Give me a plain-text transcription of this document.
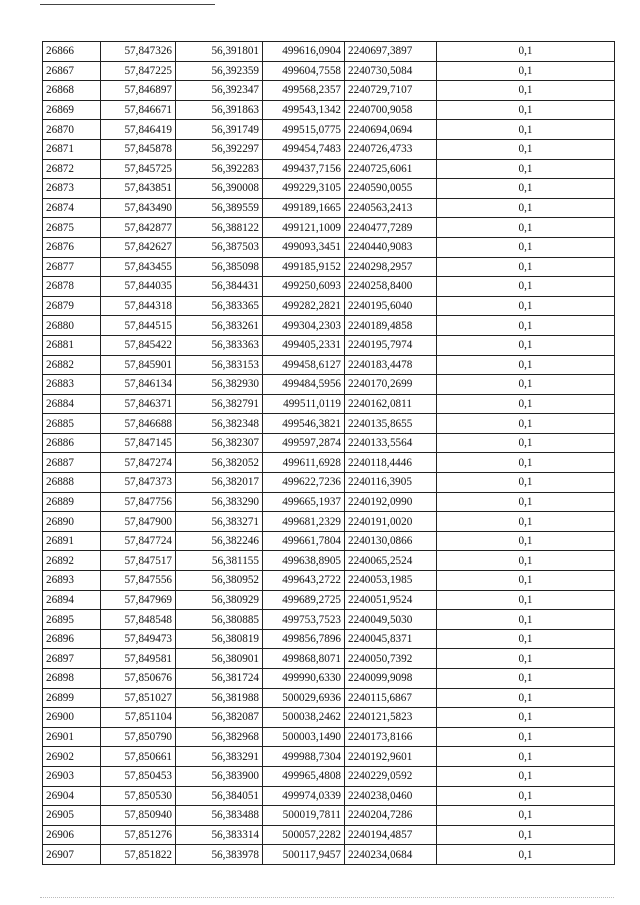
26866	57,847326	56,391801	499616,0904	2240697,3897	0,1
26867	57,847225	56,392359	499604,7558	2240730,5084	0,1
26868	57,846897	56,392347	499568,2357	2240729,7107	0,1
26869	57,846671	56,391863	499543,1342	2240700,9058	0,1
26870	57,846419	56,391749	499515,0775	2240694,0694	0,1
26871	57,845878	56,392297	499454,7483	2240726,4733	0,1
26872	57,845725	56,392283	499437,7156	2240725,6061	0,1
26873	57,843851	56,390008	499229,3105	2240590,0055	0,1
26874	57,843490	56,389559	499189,1665	2240563,2413	0,1
26875	57,842877	56,388122	499121,1009	2240477,7289	0,1
26876	57,842627	56,387503	499093,3451	2240440,9083	0,1
26877	57,843455	56,385098	499185,9152	2240298,2957	0,1
26878	57,844035	56,384431	499250,6093	2240258,8400	0,1
26879	57,844318	56,383365	499282,2821	2240195,6040	0,1
26880	57,844515	56,383261	499304,2303	2240189,4858	0,1
26881	57,845422	56,383363	499405,2331	2240195,7974	0,1
26882	57,845901	56,383153	499458,6127	2240183,4478	0,1
26883	57,846134	56,382930	499484,5956	2240170,2699	0,1
26884	57,846371	56,382791	499511,0119	2240162,0811	0,1
26885	57,846688	56,382348	499546,3821	2240135,8655	0,1
26886	57,847145	56,382307	499597,2874	2240133,5564	0,1
26887	57,847274	56,382052	499611,6928	2240118,4446	0,1
26888	57,847373	56,382017	499622,7236	2240116,3905	0,1
26889	57,847756	56,383290	499665,1937	2240192,0990	0,1
26890	57,847900	56,383271	499681,2329	2240191,0020	0,1
26891	57,847724	56,382246	499661,7804	2240130,0866	0,1
26892	57,847517	56,381155	499638,8905	2240065,2524	0,1
26893	57,847556	56,380952	499643,2722	2240053,1985	0,1
26894	57,847969	56,380929	499689,2725	2240051,9524	0,1
26895	57,848548	56,380885	499753,7523	2240049,5030	0,1
26896	57,849473	56,380819	499856,7896	2240045,8371	0,1
26897	57,849581	56,380901	499868,8071	2240050,7392	0,1
26898	57,850676	56,381724	499990,6330	2240099,9098	0,1
26899	57,851027	56,381988	500029,6936	2240115,6867	0,1
26900	57,851104	56,382087	500038,2462	2240121,5823	0,1
26901	57,850790	56,382968	500003,1490	2240173,8166	0,1
26902	57,850661	56,383291	499988,7304	2240192,9601	0,1
26903	57,850453	56,383900	499965,4808	2240229,0592	0,1
26904	57,850530	56,384051	499974,0339	2240238,0460	0,1
26905	57,850940	56,383488	500019,7811	2240204,7286	0,1
26906	57,851276	56,383314	500057,2282	2240194,4857	0,1
26907	57,851822	56,383978	500117,9457	2240234,0684	0,1
